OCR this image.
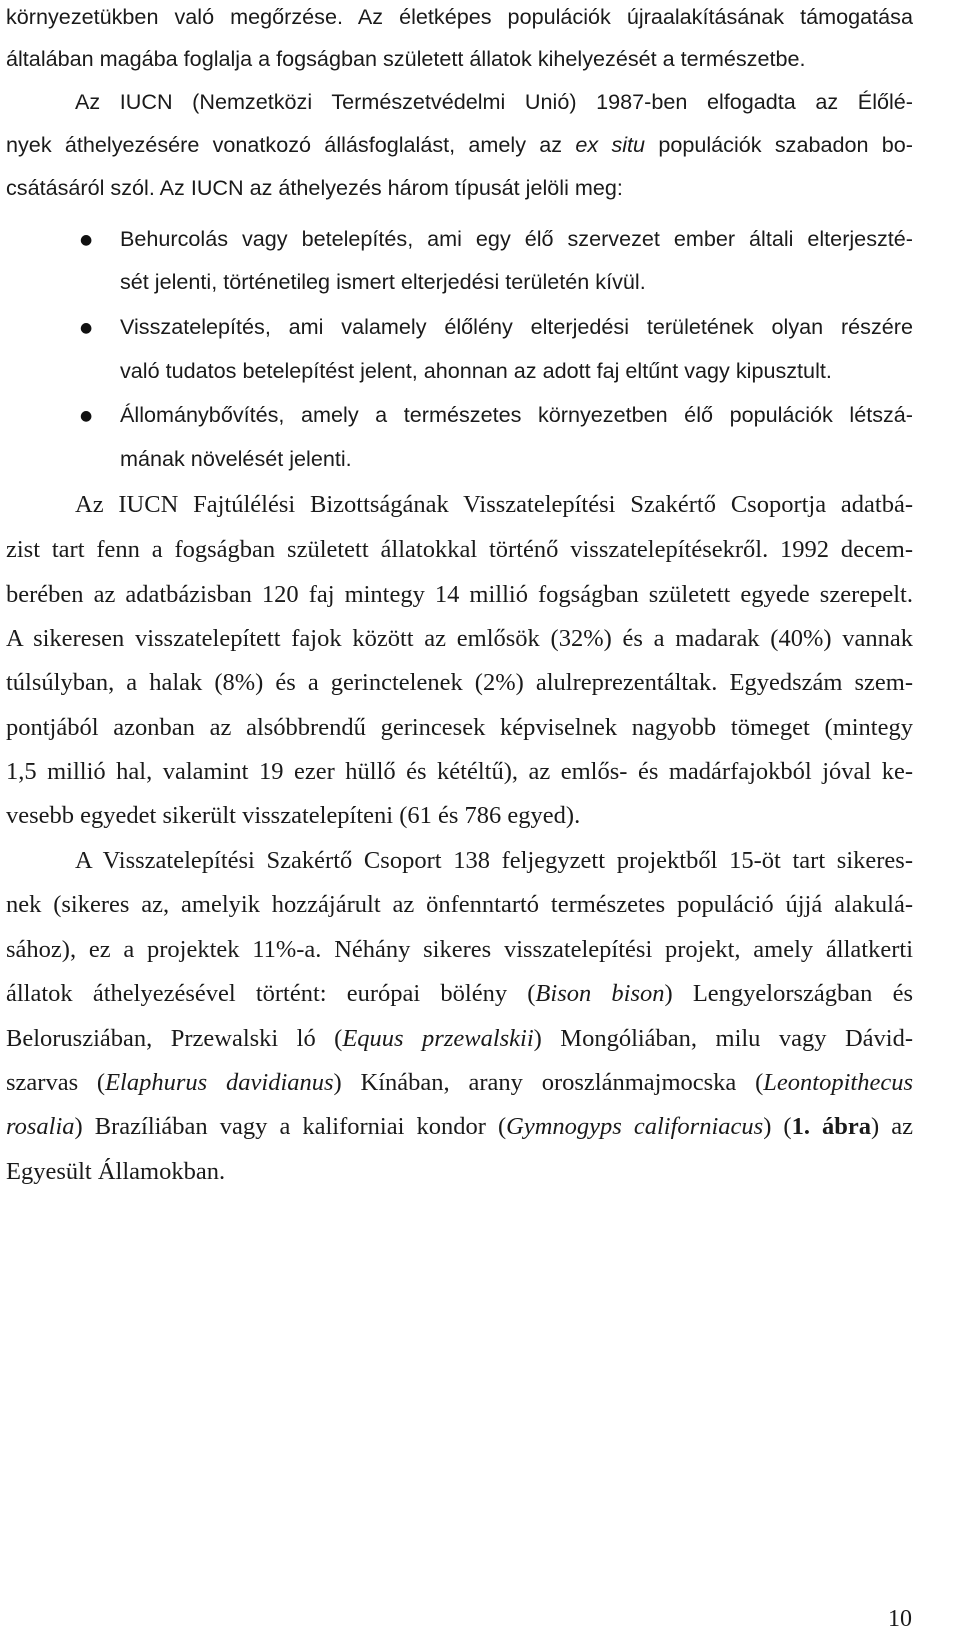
környezetükben való megőrzése. Az életképes populációk újraalakításának támogatása
általában magába foglalja a fogságban született állatok kihelyezését a természetbe.
Az IUCN (Nemzetközi Természetvédelmi Unió) 1987-ben elfogadta az Élőlé-
nyek áthelyezésére vonatkozó állásfoglalást, amely az ex situ populációk szabadon bo-
csátásáról szól. Az IUCN az áthelyezés három típusát jelöli meg:
● Behurcolás vagy betelepítés, ami egy élő szervezet ember általi elterjeszté-
sét jelenti, történetileg ismert elterjedési területén kívül.
● Visszatelepítés, ami valamely élőlény elterjedési területének olyan részére
való tudatos betelepítést jelent, ahonnan az adott faj eltűnt vagy kipusztult.
● Állománybővítés, amely a természetes környezetben élő populációk létszá-
mának növelését jelenti.
Az IUCN Fajtúlélési Bizottságának Visszatelepítési Szakértő Csoportja adatbá-
zist tart fenn a fogságban született állatokkal történő visszatelepítésekről. 1992 decem-
berében az adatbázisban 120 faj mintegy 14 millió fogságban született egyede szerepelt.
A sikeresen visszatelepített fajok között az emlősök (32%) és a madarak (40%) vannak
túlsúlyban, a halak (8%) és a gerinctelenek (2%) alulreprezentáltak. Egyedszám szem-
pontjából azonban az alsóbbrendű gerincesek képviselnek nagyobb tömeget (mintegy
1,5 millió hal, valamint 19 ezer hüllő és kétéltű), az emlős- és madárfajokból jóval ke-
vesebb egyedet sikerült visszatelepíteni (61 és 786 egyed).
A Visszatelepítési Szakértő Csoport 138 feljegyzett projektből 15-öt tart sikeres-
nek (sikeres az, amelyik hozzájárult az önfenntartó természetes populáció újjá alakulá-
sához), ez a projektek 11%-a. Néhány sikeres visszatelepítési projekt, amely állatkerti
állatok áthelyezésével történt: európai bölény (Bison bison) Lengyelországban és
Belorusziában, Przewalski ló (Equus przewalskii) Mongóliában, milu vagy Dávid-
szarvas (Elaphurus davidianus) Kínában, arany oroszlánmajmocska (Leontopithecus
rosalia) Brazíliában vagy a kaliforniai kondor (Gymnogyps californiacus) (1. ábra) az
Egyesült Államokban.
10
